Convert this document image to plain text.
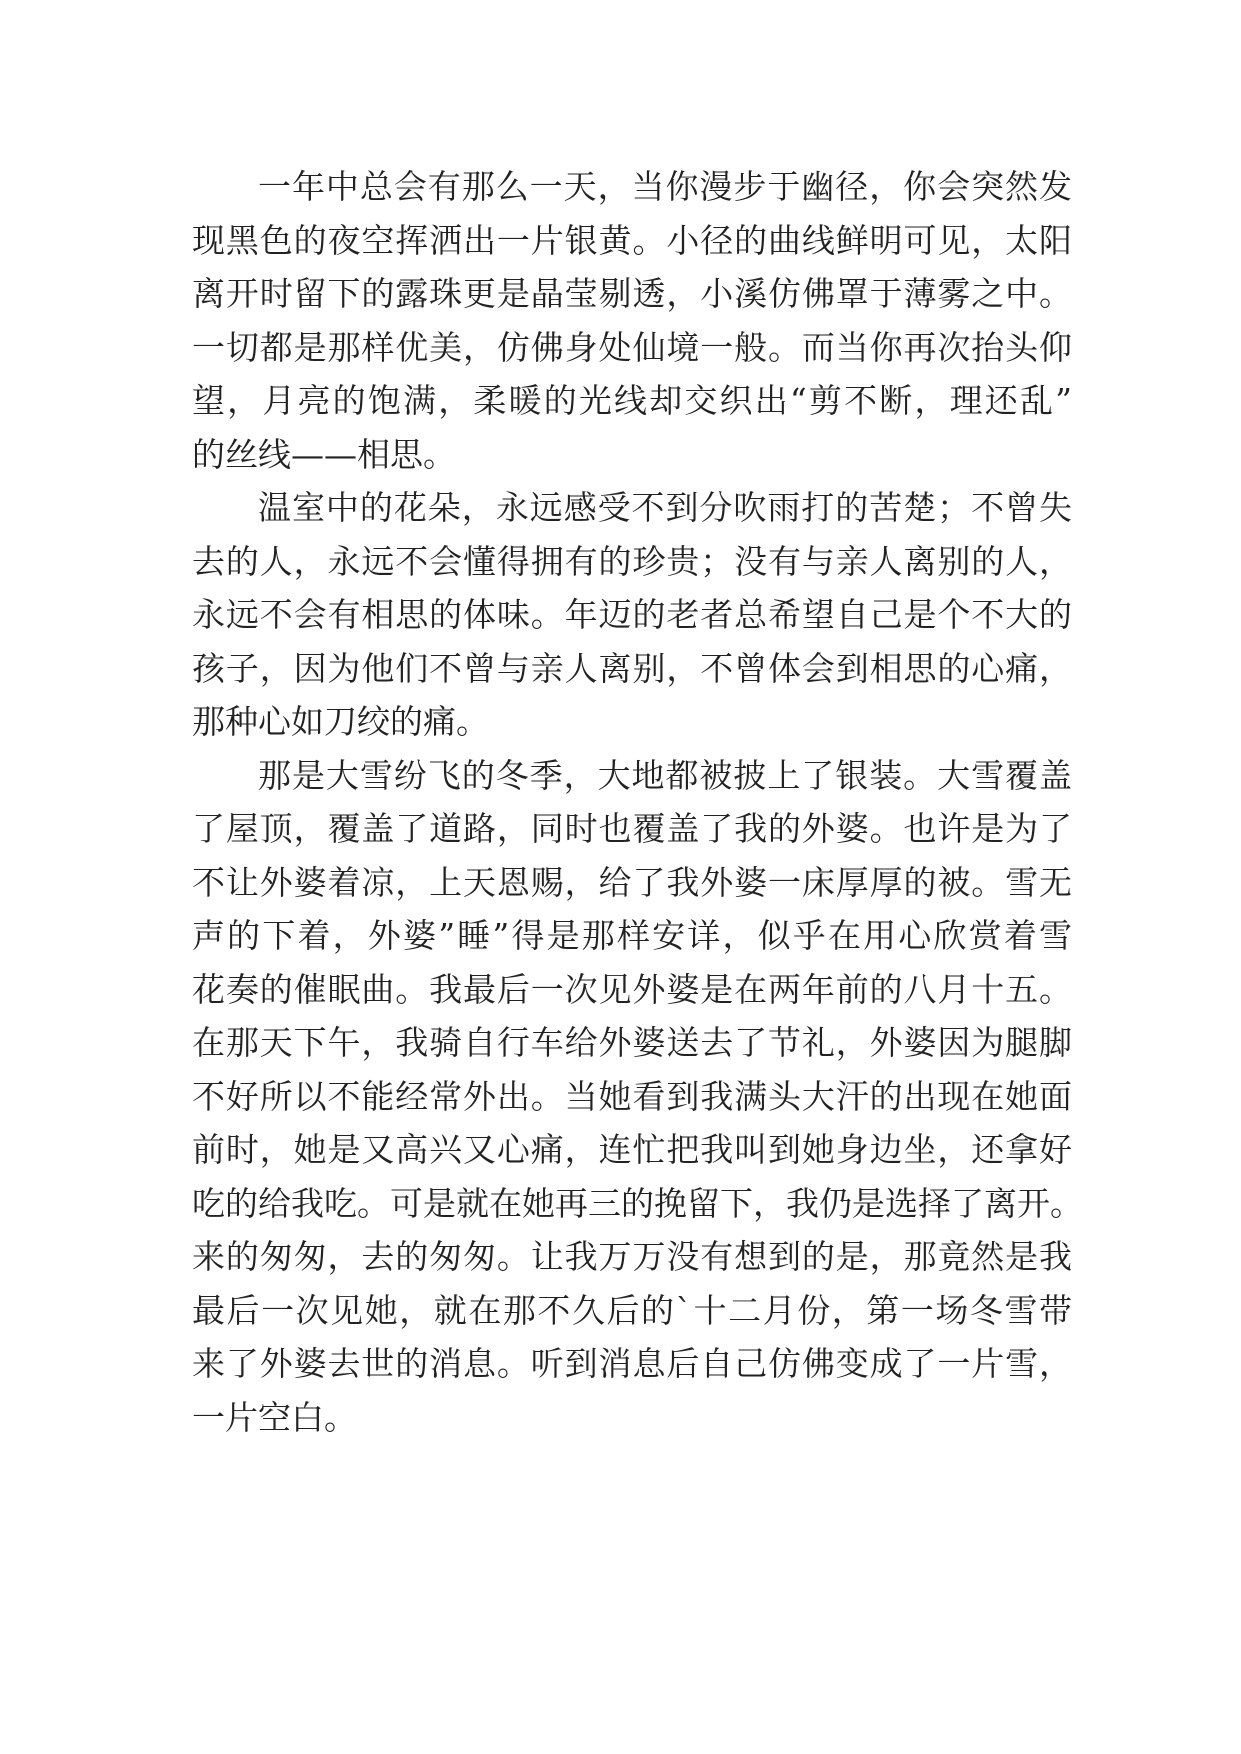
一年中总会有那么一天，当你漫步于幽径，你会突然发
现黑色的夜空挥洒出一片银黄。小径的曲线鲜明可见，太阳
离开时留下的露珠更是晶莹剔透，小溪仿佛罩于薄雾之中。
一切都是那样优美，仿佛身处仙境一般。而当你再次抬头仰
望，月亮的饱满，柔暖的光线却交织出“剪不断，理还乱”
的丝线——相思。
温室中的花朵，永远感受不到分吹雨打的苦楚；不曾失
去的人，永远不会懂得拥有的珍贵；没有与亲人离别的人，
永远不会有相思的体味。年迈的老者总希望自己是个不大的
孩子，因为他们不曾与亲人离别，不曾体会到相思的心痛，
那种心如刀绞的痛。
那是大雪纷飞的冬季，大地都被披上了银装。大雪覆盖
了屋顶，覆盖了道路，同时也覆盖了我的外婆。也许是为了
不让外婆着凉，上天恩赐，给了我外婆一床厚厚的被。雪无
声的下着，外婆”睡”得是那样安详，似乎在用心欣赏着雪
花奏的催眠曲。我最后一次见外婆是在两年前的八月十五。
在那天下午，我骑自行车给外婆送去了节礼，外婆因为腿脚
不好所以不能经常外出。当她看到我满头大汗的出现在她面
前时，她是又高兴又心痛，连忙把我叫到她身边坐，还拿好
吃的给我吃。可是就在她再三的挽留下，我仍是选择了离开。
来的匆匆，去的匆匆。让我万万没有想到的是，那竟然是我
最后一次见她，就在那不久后的`十二月份，第一场冬雪带
来了外婆去世的消息。听到消息后自己仿佛变成了一片雪，
一片空白。
